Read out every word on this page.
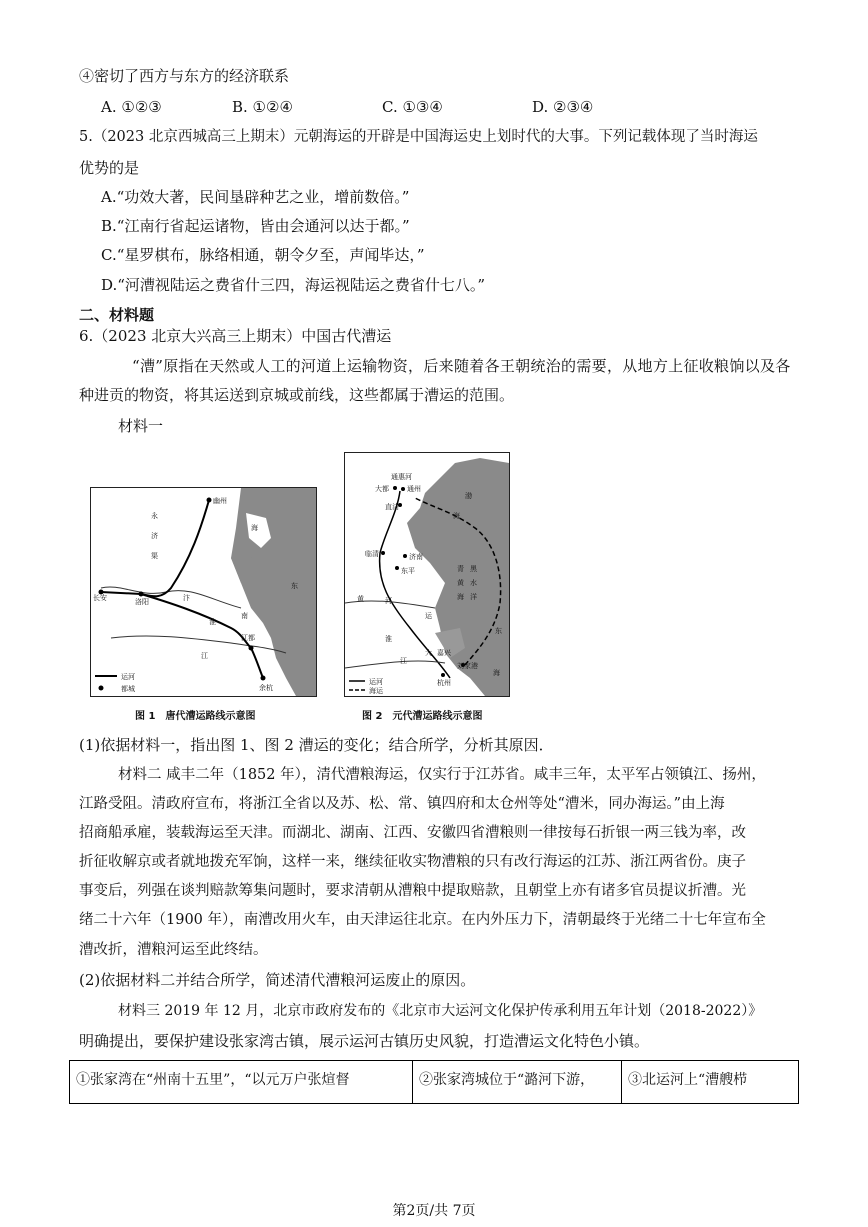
④密切了西方与东方的经济联系
A. ①②③	B. ①②④	C. ①③④	D. ②③④
5.（2023 北京西城高三上期末）元朝海运的开辟是中国海运史上划时代的大事。下列记载体现了当时海运
优势的是
A.“功效大著，民间垦辟种艺之业，增前数倍。”
B.“江南行省起运诸物，皆由会通河以达于都。”
C.“星罗棋布，脉络相通，朝令夕至，声闻毕达，”
D.“河漕视陆运之费省什三四，海运视陆运之费省什七八。”
二、材料题
6.（2023 北京大兴高三上期末）中国古代漕运
“漕”原指在天然或人工的河道上运输物资，后来随着各王朝统治的需要，从地方上征收粮饷以及各
种进贡的物资，将其运送到京城或前线，这些都属于漕运的范围。
材料一
幽州
海
东
长安	洛阳
江都
余杭
永
济
渠
汴
淮
江
南
运河
都城
图 1　唐代漕运路线示意图
通惠河
大都	通州
直沽
渤
海
临清	济南
东平
黄	河
青 黑
黄 水
海 洋
淮
运
东
海
大 嘉兴
江
刘家港
杭州
运河
海运
图 2　元代漕运路线示意图
(1)依据材料一，指出图 1、图 2 漕运的变化；结合所学，分析其原因．
材料二 咸丰二年（1852 年），清代漕粮海运，仅实行于江苏省。咸丰三年，太平军占领镇江、扬州，
江路受阻。清政府宣布，将浙江全省以及苏、松、常、镇四府和太仓州等处“漕米，同办海运。”由上海
招商船承雇，装载海运至天津。而湖北、湖南、江西、安徽四省漕粮则一律按每石折银一两三钱为率，改
折征收解京或者就地拨充军饷，这样一来，继续征收实物漕粮的只有改行海运的江苏、浙江两省份。庚子
事变后，列强在谈判赔款筹集问题时，要求清朝从漕粮中提取赔款，且朝堂上亦有诸多官员提议折漕。光
绪二十六年（1900 年），南漕改用火车，由天津运往北京。在内外压力下，清朝最终于光绪二十七年宣布全
漕改折，漕粮河运至此终结。
(2)依据材料二并结合所学，简述清代漕粮河运废止的原因。
材料三 2019 年 12 月，北京市政府发布的《北京市大运河文化保护传承利用五年计划（2018-2022）》
明确提出，要保护建设张家湾古镇，展示运河古镇历史风貌，打造漕运文化特色小镇。
①张家湾在“州南十五里”，“以元万户张煊督	②张家湾城位于“潞河下游，	③北运河上“漕艘栉
第2页/共 7页
